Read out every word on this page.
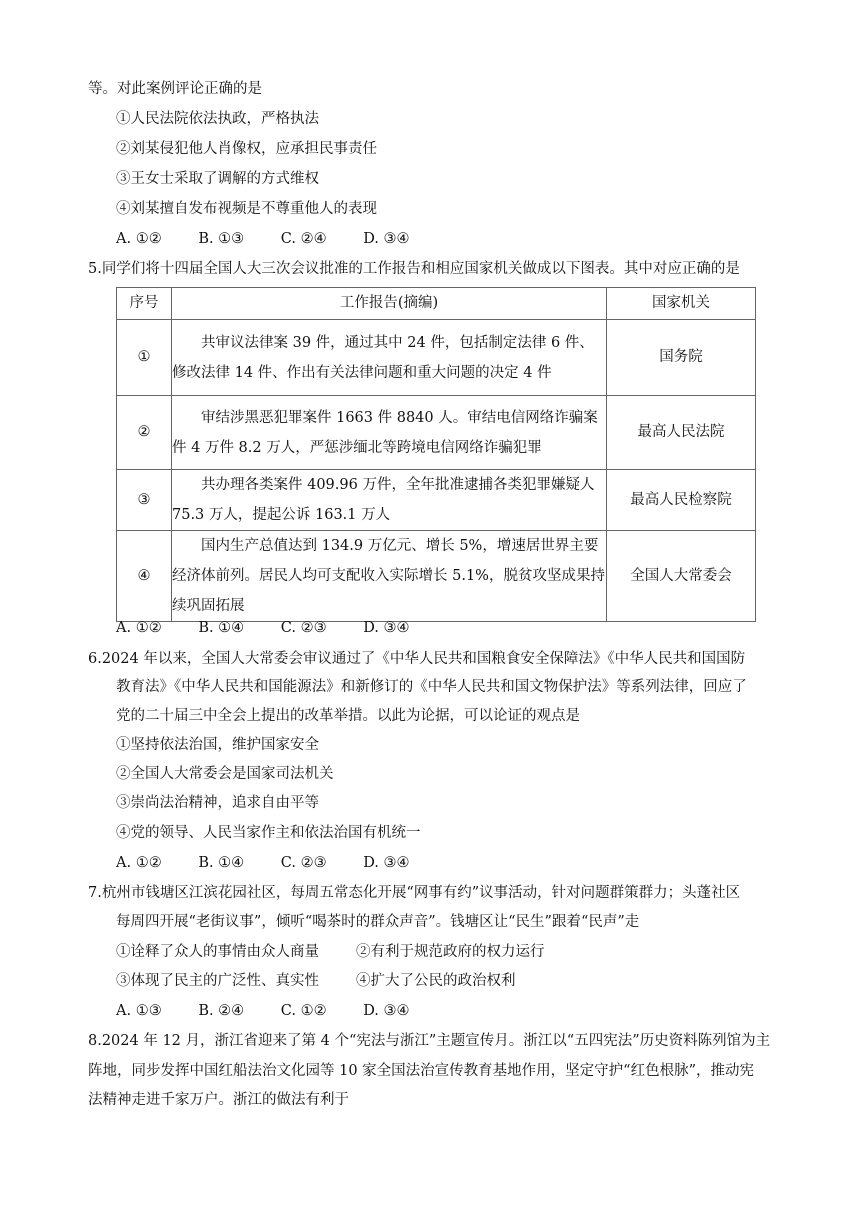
等。对此案例评论正确的是
①人民法院依法执政，严格执法
②刘某侵犯他人肖像权，应承担民事责任
③王女士采取了调解的方式维权
④刘某擅自发布视频是不尊重他人的表现
A. ①②	B. ①③	C. ②④	D. ③④
5.同学们将十四届全国人大三次会议批准的工作报告和相应国家机关做成以下图表。其中对应正确的是
序号	工作报告(摘编)	国家机关
①	共审议法律案 39 件，通过其中 24 件，包括制定法律 6 件、修改法律 14 件、作出有关法律问题和重大问题的决定 4 件	国务院
②	审结涉黑恶犯罪案件 1663 件 8840 人。审结电信网络诈骗案件 4 万件 8.2 万人，严惩涉缅北等跨境电信网络诈骗犯罪	最高人民法院
③	共办理各类案件 409.96 万件，全年批准逮捕各类犯罪嫌疑人 75.3 万人，提起公诉 163.1 万人	最高人民检察院
④	国内生产总值达到 134.9 万亿元、增长 5%，增速居世界主要经济体前列。居民人均可支配收入实际增长 5.1%，脱贫攻坚成果持续巩固拓展	全国人大常委会
A. ①②	B. ①④	C. ②③	D. ③④
6.2024 年以来，全国人大常委会审议通过了《中华人民共和国粮食安全保障法》《中华人民共和国国防
教育法》《中华人民共和国能源法》和新修订的《中华人民共和国文物保护法》等系列法律，回应了
党的二十届三中全会上提出的改革举措。以此为论据，可以论证的观点是
①坚持依法治国，维护国家安全
②全国人大常委会是国家司法机关
③崇尚法治精神，追求自由平等
④党的领导、人民当家作主和依法治国有机统一
A. ①②	B. ①④	C. ②③	D. ③④
7.杭州市钱塘区江滨花园社区，每周五常态化开展“网事有约”议事活动，针对问题群策群力；头蓬社区
每周四开展“老街议事”，倾听“喝茶时的群众声音”。钱塘区让“民生”跟着“民声”走
①诠释了众人的事情由众人商量	②有利于规范政府的权力运行
③体现了民主的广泛性、真实性	④扩大了公民的政治权利
A. ①③	B. ②④	C. ①②	D. ③④
8.2024 年 12 月，浙江省迎来了第 4 个“宪法与浙江”主题宣传月。浙江以“五四宪法”历史资料陈列馆为主
阵地，同步发挥中国红船法治文化园等 10 家全国法治宣传教育基地作用，坚定守护“红色根脉”，推动宪
法精神走进千家万户。浙江的做法有利于
